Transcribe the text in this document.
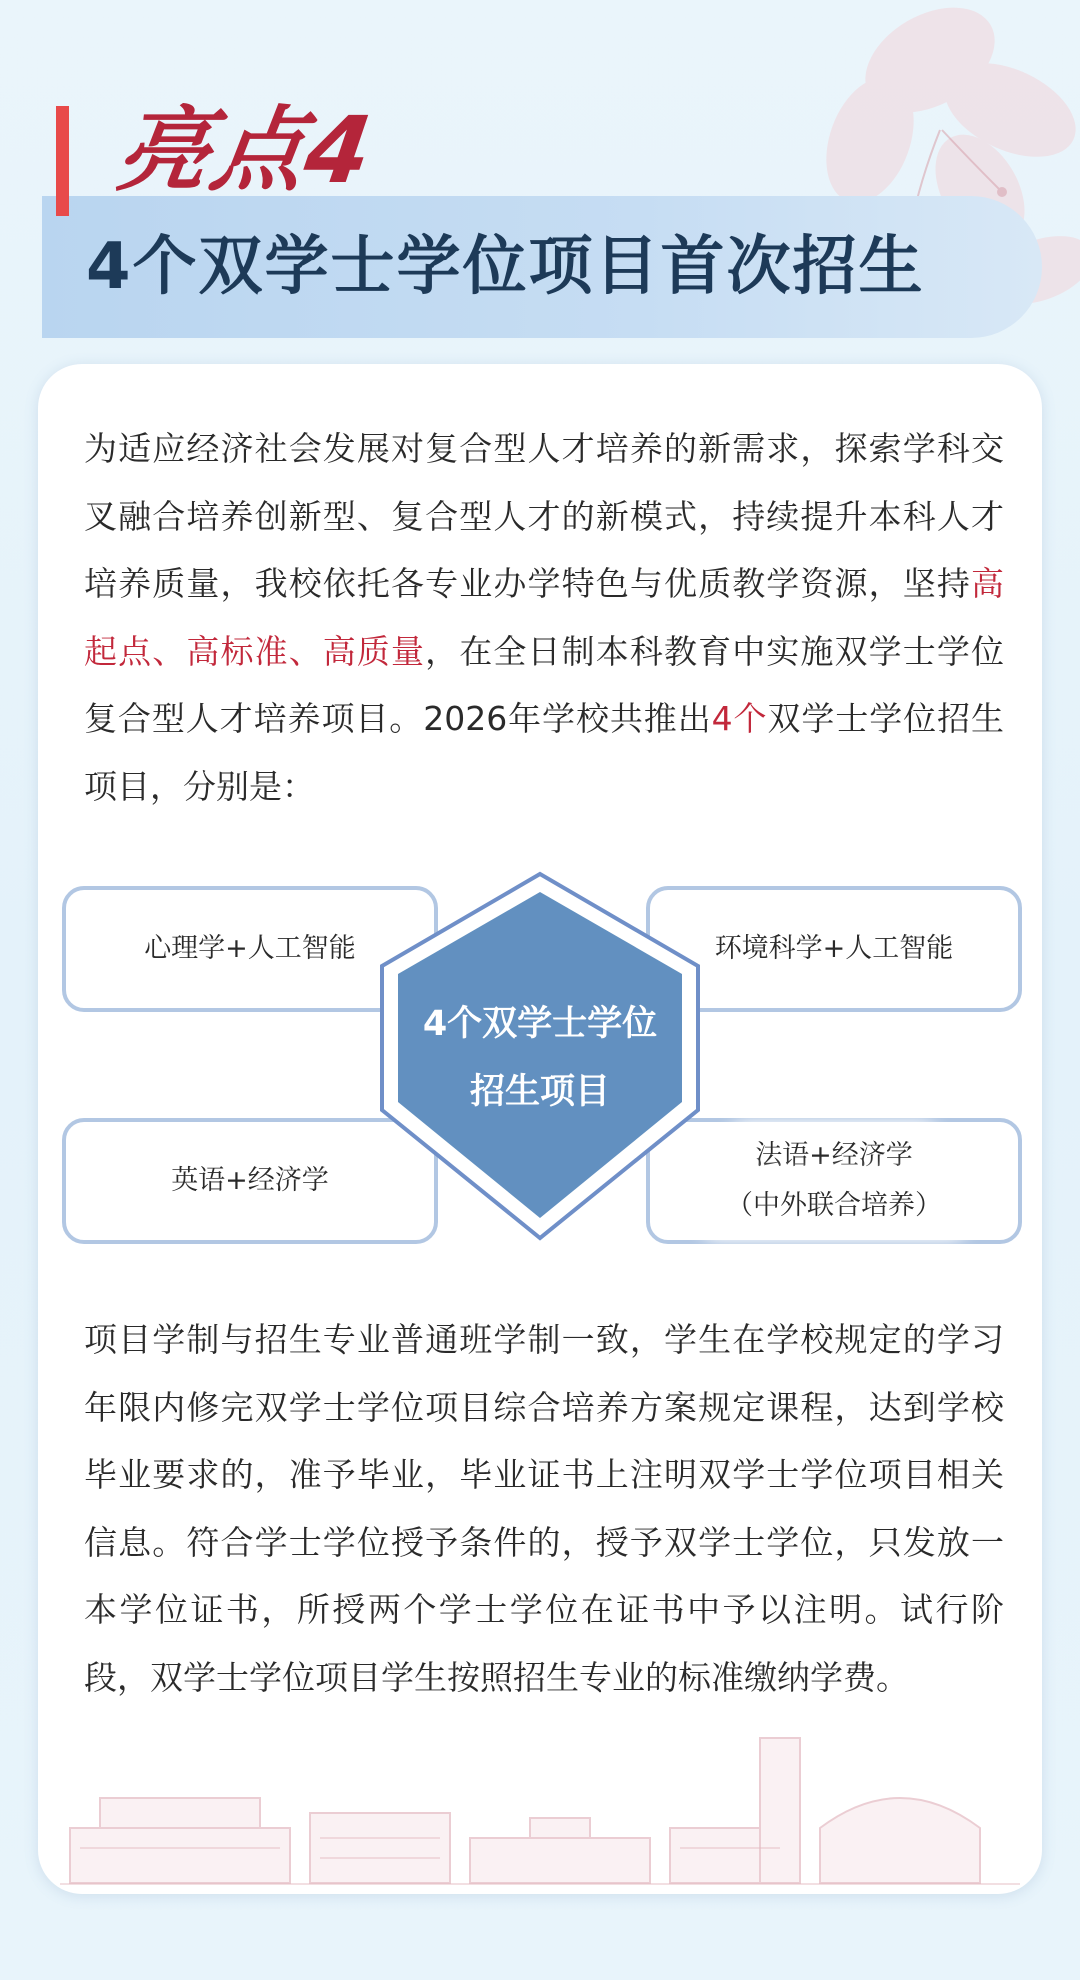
亮点4
4个双学士学位项目首次招生

为适应经济社会发展对复合型人才培养的新需求，探索学科交叉融合培养创新型、复合型人才的新模式，持续提升本科人才培养质量，我校依托各专业办学特色与优质教学资源，坚持高起点、高标准、高质量，在全日制本科教育中实施双学士学位复合型人才培养项目。2026年学校共推出4个双学士学位招生项目，分别是：

心理学+人工智能	环境科学+人工智能
英语+经济学
法语+经济学
（中外联合培养）
4个双学士学位
招生项目

项目学制与招生专业普通班学制一致，学生在学校规定的学习年限内修完双学士学位项目综合培养方案规定课程，达到学校毕业要求的，准予毕业，毕业证书上注明双学士学位项目相关信息。符合学士学位授予条件的，授予双学士学位，只发放一本学位证书，所授两个学士学位在证书中予以注明。试行阶段，双学士学位项目学生按照招生专业的标准缴纳学费。
